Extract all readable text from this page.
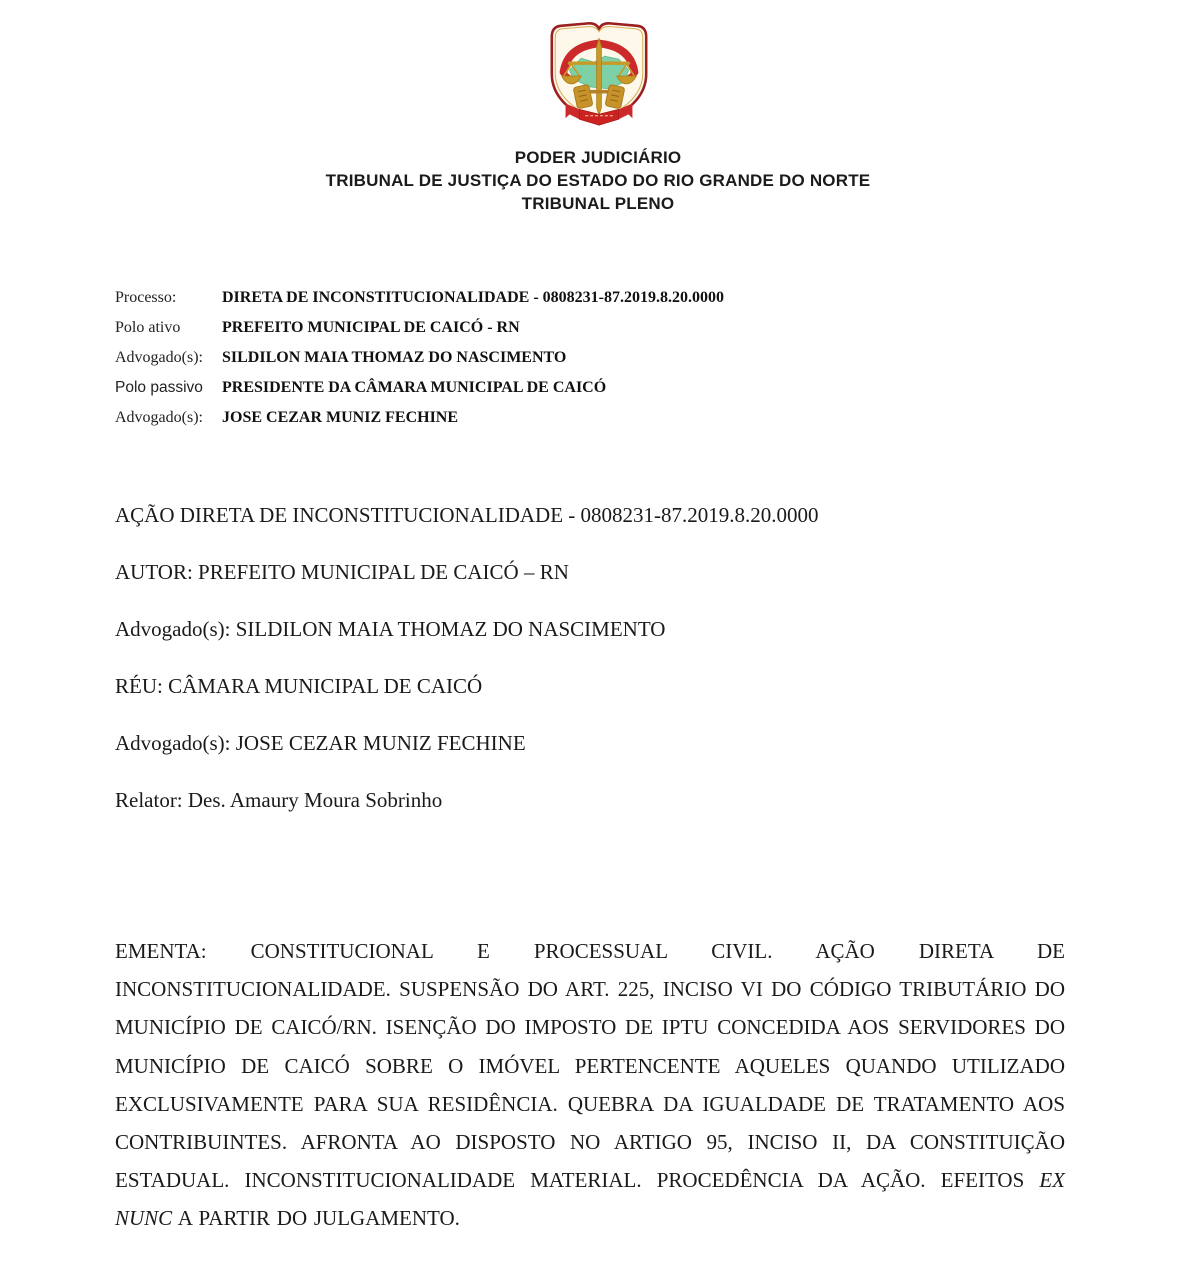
PODER JUDICIÁRIO
TRIBUNAL DE JUSTIÇA DO ESTADO DO RIO GRANDE DO NORTE
TRIBUNAL PLENO
Processo:	DIRETA DE INCONSTITUCIONALIDADE - 0808231-87.2019.8.20.0000
Polo ativo	PREFEITO MUNICIPAL DE CAICÓ - RN
Advogado(s):	SILDILON MAIA THOMAZ DO NASCIMENTO
Polo passivo	PRESIDENTE DA CÂMARA MUNICIPAL DE CAICÓ
Advogado(s):	JOSE CEZAR MUNIZ FECHINE
AÇÃO DIRETA DE INCONSTITUCIONALIDADE - 0808231-87.2019.8.20.0000
AUTOR: PREFEITO MUNICIPAL DE CAICÓ – RN
Advogado(s): SILDILON MAIA THOMAZ DO NASCIMENTO
RÉU: CÂMARA MUNICIPAL DE CAICÓ
Advogado(s): JOSE CEZAR MUNIZ FECHINE
Relator: Des. Amaury Moura Sobrinho

EMENTA: CONSTITUCIONAL E PROCESSUAL CIVIL. AÇÃO DIRETA DE INCONSTITUCIONALIDADE. SUSPENSÃO DO ART. 225, INCISO VI DO CÓDIGO TRIBUTÁRIO DO MUNICÍPIO DE CAICÓ/RN. ISENÇÃO DO IMPOSTO DE IPTU CONCEDIDA AOS SERVIDORES DO MUNICÍPIO DE CAICÓ SOBRE O IMÓVEL PERTENCENTE AQUELES QUANDO UTILIZADO EXCLUSIVAMENTE PARA SUA RESIDÊNCIA. QUEBRA DA IGUALDADE DE TRATAMENTO AOS CONTRIBUINTES. AFRONTA AO DISPOSTO NO ARTIGO 95, INCISO II, DA CONSTITUIÇÃO ESTADUAL. INCONSTITUCIONALIDADE MATERIAL. PROCEDÊNCIA DA AÇÃO. EFEITOS EX NUNC A PARTIR DO JULGAMENTO.
